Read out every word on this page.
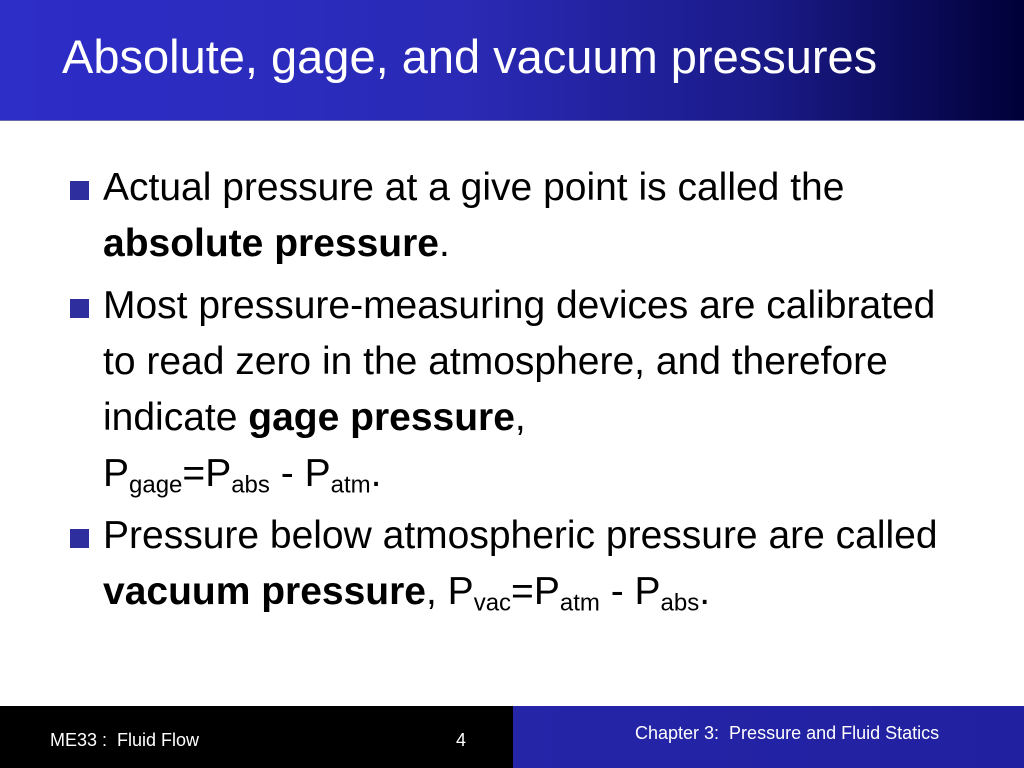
Absolute, gage, and vacuum pressures
Actual pressure at a give point is called the absolute pressure.
Most pressure-measuring devices are calibrated to read zero in the atmosphere, and therefore indicate gage pressure,
$P_{gage}=P_{abs} - P_{atm}$.
Pressure below atmospheric pressure are called vacuum pressure, $P_{vac}=P_{atm} - P_{abs}$.
ME33 :  Fluid Flow	4	Chapter 3:  Pressure and Fluid Statics
